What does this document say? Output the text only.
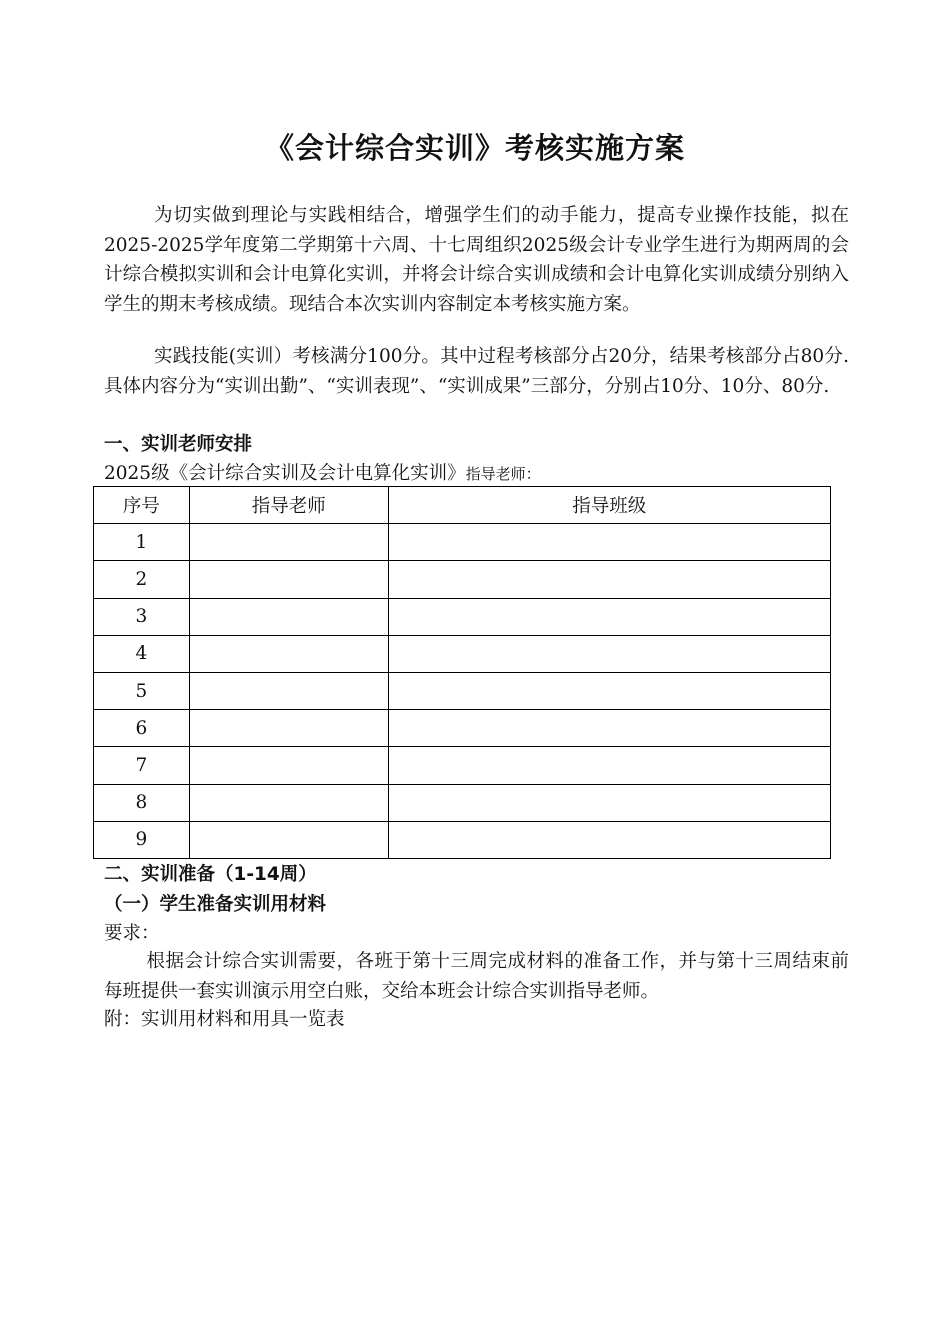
《会计综合实训》考核实施方案
为切实做到理论与实践相结合，增强学生们的动手能力，提高专业操作技能，拟在2025-2025学年度第二学期第十六周、十七周组织2025级会计专业学生进行为期两周的会计综合模拟实训和会计电算化实训，并将会计综合实训成绩和会计电算化实训成绩分别纳入学生的期末考核成绩。现结合本次实训内容制定本考核实施方案。
实践技能(实训）考核满分100分。其中过程考核部分占20分，结果考核部分占80分.具体内容分为“实训出勤”、“实训表现”、“实训成果”三部分，分别占10分、10分、80分.
一、实训老师安排
2025级《会计综合实训及会计电算化实训》指导老师：
序号	指导老师	指导班级
1		
2		
3		
4		
5		
6		
7		
8		
9		
二、实训准备（1-14周）
（一）学生准备实训用材料
要求：
根据会计综合实训需要，各班于第十三周完成材料的准备工作，并与第十三周结束前每班提供一套实训演示用空白账，交给本班会计综合实训指导老师。
附：实训用材料和用具一览表
